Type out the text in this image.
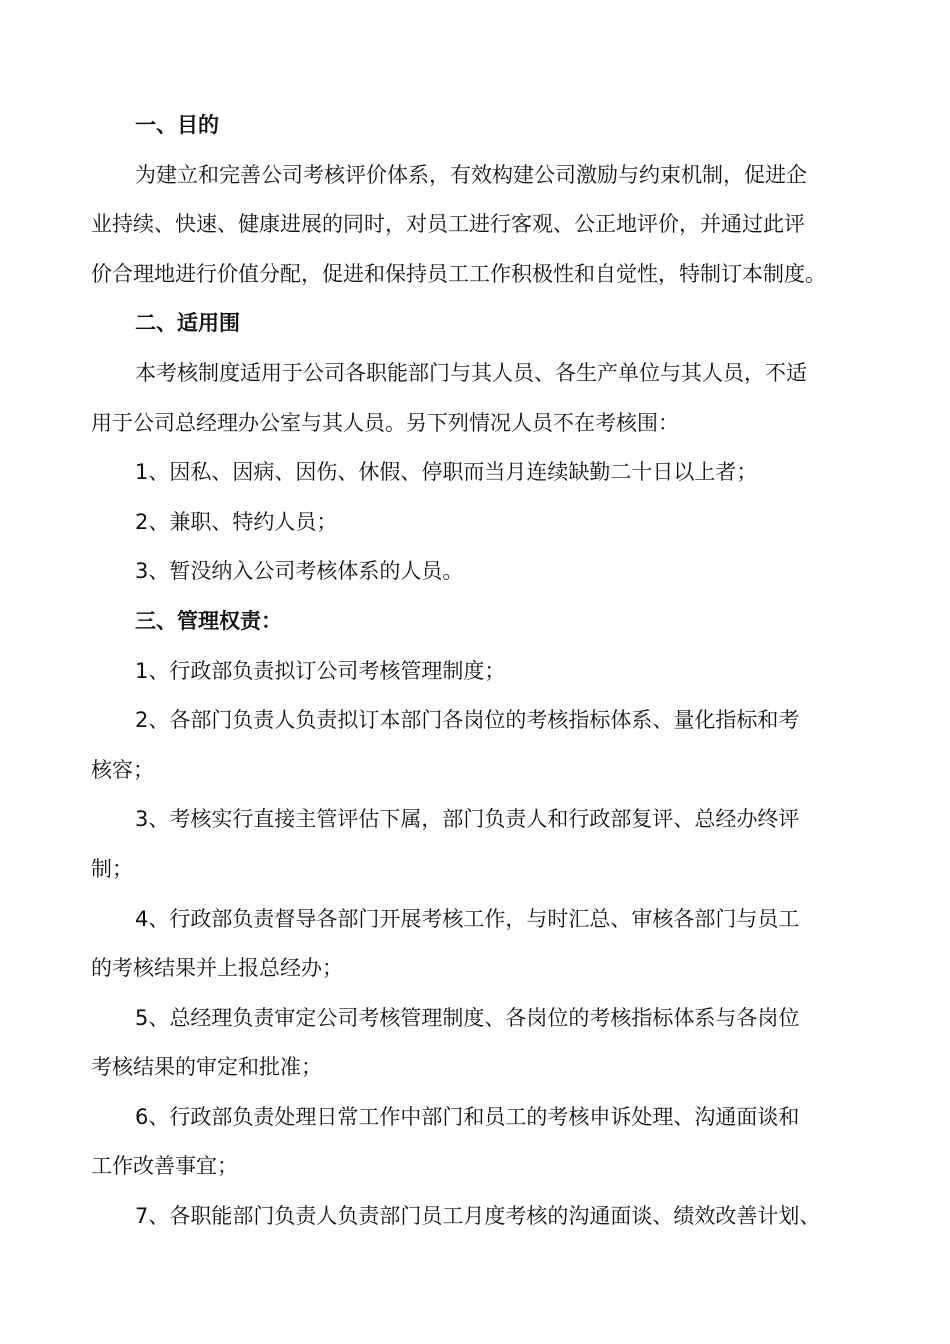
一、目的

为建立和完善公司考核评价体系，有效构建公司激励与约束机制，促进企
业持续、快速、健康进展的同时，对员工进行客观、公正地评价，并通过此评
价合理地进行价值分配，促进和保持员工工作积极性和自觉性，特制订本制度。

二、适用围

本考核制度适用于公司各职能部门与其人员、各生产单位与其人员，不适
用于公司总经理办公室与其人员。另下列情况人员不在考核围：

1、因私、因病、因伤、休假、停职而当月连续缺勤二十日以上者；

2、兼职、特约人员；

3、暂没纳入公司考核体系的人员。

三、管理权责：

1、行政部负责拟订公司考核管理制度；

2、各部门负责人负责拟订本部门各岗位的考核指标体系、量化指标和考
核容；

3、考核实行直接主管评估下属，部门负责人和行政部复评、总经办终评
制；

4、行政部负责督导各部门开展考核工作，与时汇总、审核各部门与员工
的考核结果并上报总经办；

5、总经理负责审定公司考核管理制度、各岗位的考核指标体系与各岗位
考核结果的审定和批准；

6、行政部负责处理日常工作中部门和员工的考核申诉处理、沟通面谈和
工作改善事宜；

7、各职能部门负责人负责部门员工月度考核的沟通面谈、绩效改善计划、
